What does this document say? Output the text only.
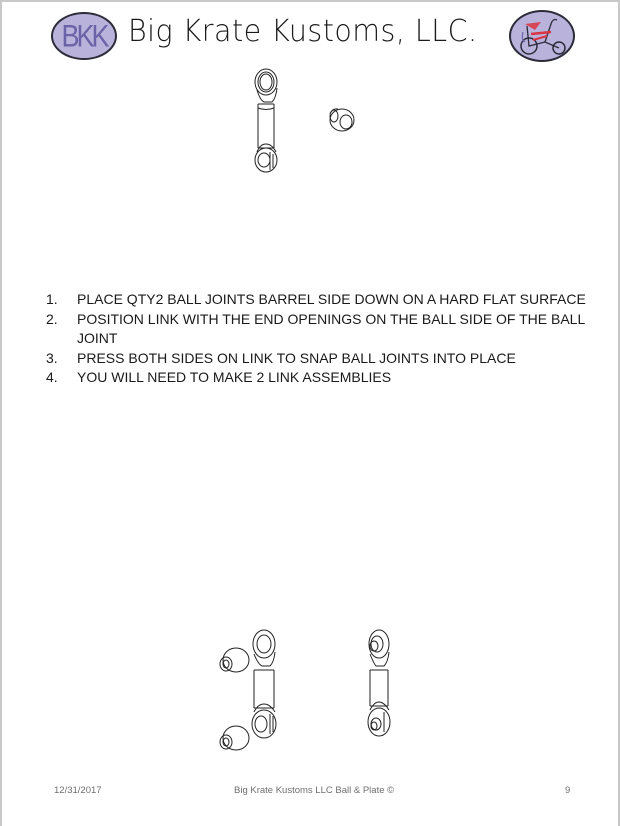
BKK Big Krate Kustoms, LLC.
1.	PLACE QTY2 BALL JOINTS BARREL SIDE DOWN ON A HARD FLAT SURFACE
2.	POSITION LINK WITH THE END OPENINGS ON THE BALL SIDE OF THE BALL JOINT
3.	PRESS BOTH SIDES ON LINK TO SNAP BALL JOINTS INTO PLACE
4.	YOU WILL NEED TO MAKE 2 LINK ASSEMBLIES
12/31/2017	Big Krate Kustoms LLC Ball & Plate ©	9
